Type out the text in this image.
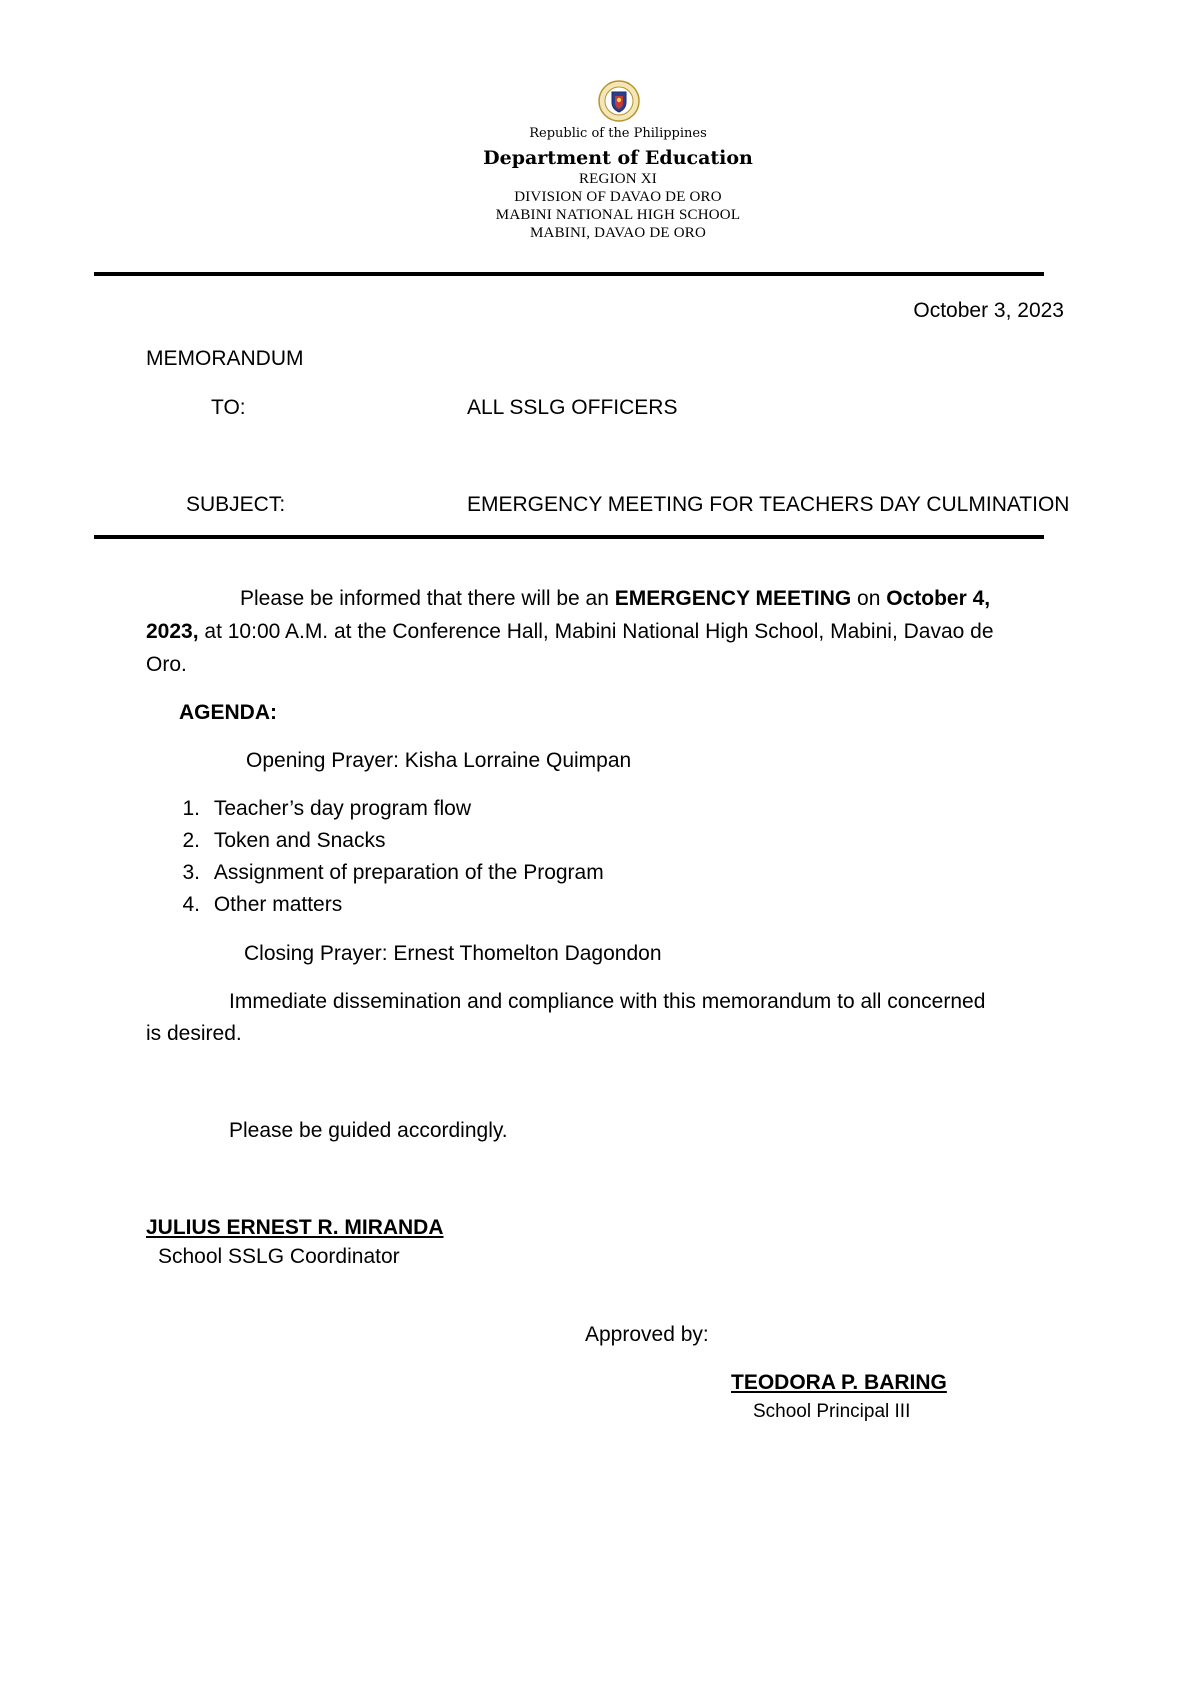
Republic of the Philippines
Department of Education
REGION XI
DIVISION OF DAVAO DE ORO
MABINI NATIONAL HIGH SCHOOL
MABINI, DAVAO DE ORO
October 3, 2023
MEMORANDUM
TO:	ALL SSLG OFFICERS
SUBJECT:	EMERGENCY MEETING FOR TEACHERS DAY CULMINATION
Please be informed that there will be an EMERGENCY MEETING on October 4,
2023, at 10:00 A.M. at the Conference Hall, Mabini National High School, Mabini, Davao de
Oro.
AGENDA:
Opening Prayer: Kisha Lorraine Quimpan
1. Teacher’s day program flow
2. Token and Snacks
3. Assignment of preparation of the Program
4. Other matters
Closing Prayer: Ernest Thomelton Dagondon
Immediate dissemination and compliance with this memorandum to all concerned
is desired.
Please be guided accordingly.
JULIUS ERNEST R. MIRANDA
School SSLG Coordinator
Approved by:
TEODORA P. BARING
School Principal III
